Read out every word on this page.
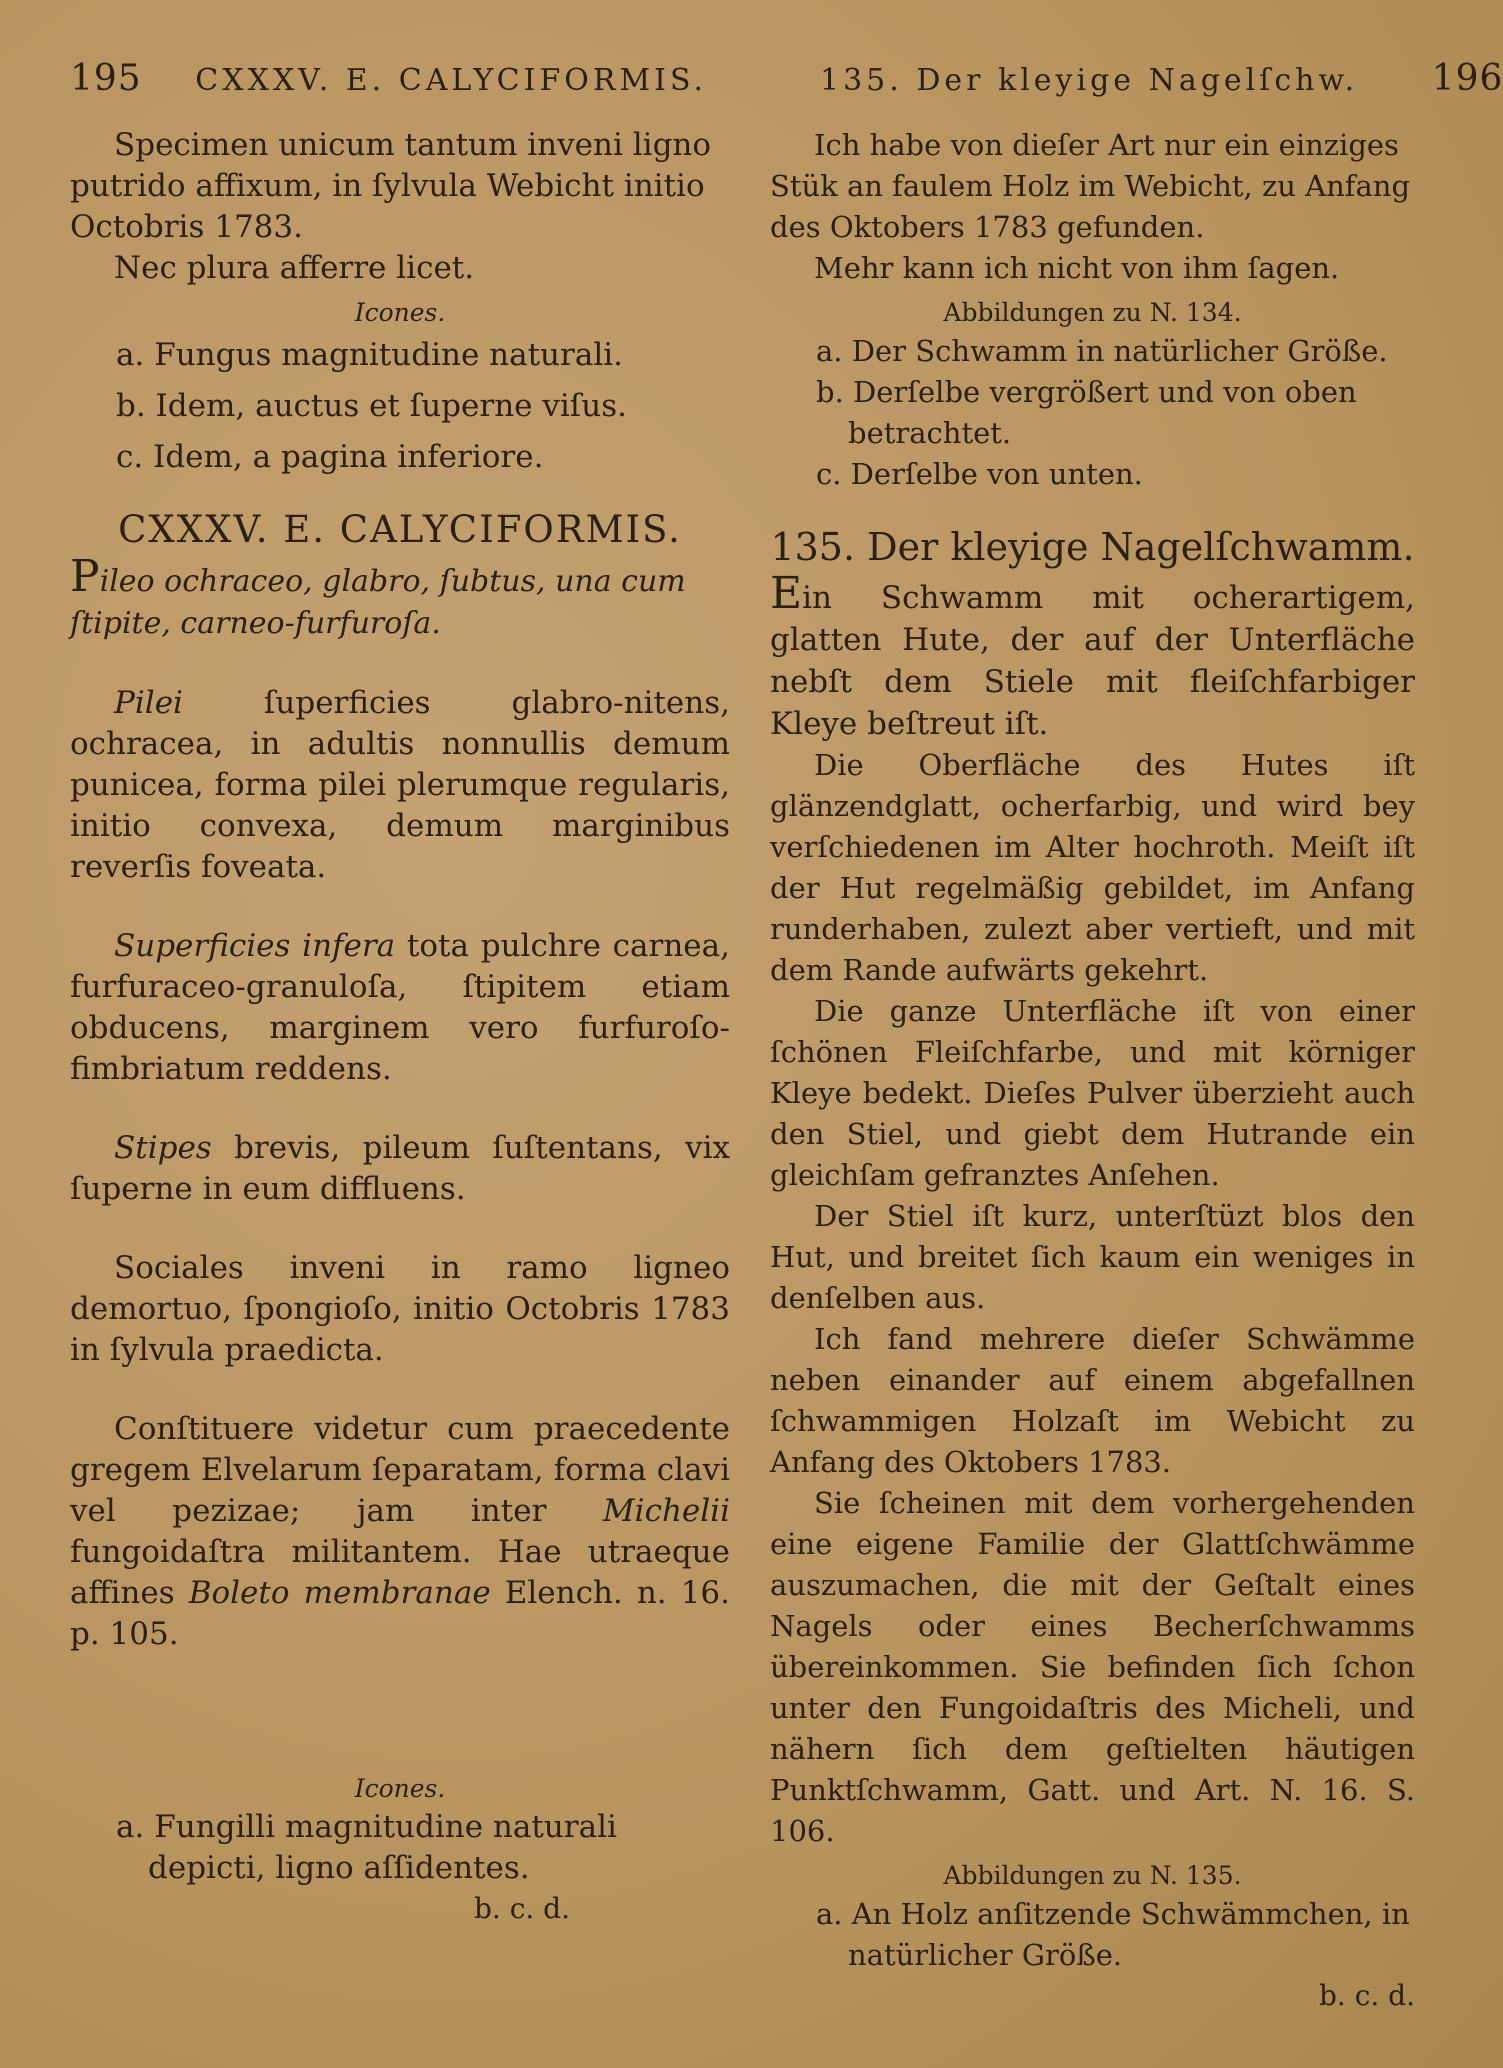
195 CXXXV. E. CALYCIFORMIS.

Specimen unicum tantum inveni ligno putrido affixum, in ſylvula Webicht initio Octobris 1783.

Nec plura afferre licet.

Icones.

a. Fungus magnitudine naturali.

b. Idem, auctus et ſuperne viſus.

c. Idem, a pagina inferiore.

CXXXV. E. CALYCIFORMIS.

Pileo ochraceo, glabro, ſubtus, una cum ſtipite, carneo-furfuroſa.

Pilei ſuperficies glabro-nitens, ochracea, in adultis nonnullis demum punicea, forma pilei plerumque regularis, initio convexa, demum marginibus reverſis foveata.

Superficies infera tota pulchre carnea, furfuraceo-granuloſa, ſtipitem etiam obducens, marginem vero furfuroſo-fimbriatum reddens.

Stipes brevis, pileum ſuſtentans, vix ſuperne in eum diffluens.

Sociales inveni in ramo ligneo demortuo, ſpongioſo, initio Octobris 1783 in ſylvula praedicta.

Conſtituere videtur cum praecedente gregem Elvelarum ſeparatam, forma clavi vel pezizae; jam inter Michelii fungoidaſtra militantem. Hae utraeque affines Boleto membranae Elench. n. 16. p. 105.

Icones.

a. Fungilli magnitudine naturali depicti, ligno aſſidentes.

b. c. d.

135. Der kleyige Nagelſchw. 196

Ich habe von dieſer Art nur ein einziges Stük an faulem Holz im Webicht, zu Anfang des Oktobers 1783 gefunden.

Mehr kann ich nicht von ihm ſagen.

Abbildungen zu N. 134.

a. Der Schwamm in natürlicher Größe.

b. Derſelbe vergrößert und von oben betrachtet.

c. Derſelbe von unten.

135. Der kleyige Nagelſchwamm.

Ein Schwamm mit ocherartigem, glatten Hute, der auf der Unterfläche nebſt dem Stiele mit fleiſchfarbiger Kleye beſtreut iſt.

Die Oberfläche des Hutes iſt glänzendglatt, ocherfarbig, und wird bey verſchiedenen im Alter hochroth. Meiſt iſt der Hut regelmäßig gebildet, im Anfang runderhaben, zulezt aber vertieft, und mit dem Rande aufwärts gekehrt.

Die ganze Unterfläche iſt von einer ſchönen Fleiſchfarbe, und mit körniger Kleye bedekt. Dieſes Pulver überzieht auch den Stiel, und giebt dem Hutrande ein gleichſam gefranztes Anſehen.

Der Stiel iſt kurz, unterſtüzt blos den Hut, und breitet ſich kaum ein weniges in denſelben aus.

Ich fand mehrere dieſer Schwämme neben einander auf einem abgefallnen ſchwammigen Holzaſt im Webicht zu Anfang des Oktobers 1783.

Sie ſcheinen mit dem vorhergehenden eine eigene Familie der Glattſchwämme auszumachen, die mit der Geſtalt eines Nagels oder eines Becherſchwamms übereinkommen. Sie befinden ſich ſchon unter den Fungoidaſtris des Micheli, und nähern ſich dem geſtielten häutigen Punktſchwamm, Gatt. und Art. N. 16. S. 106.

Abbildungen zu N. 135.

a. An Holz anſitzende Schwämmchen, in natürlicher Größe.

b. c. d.
